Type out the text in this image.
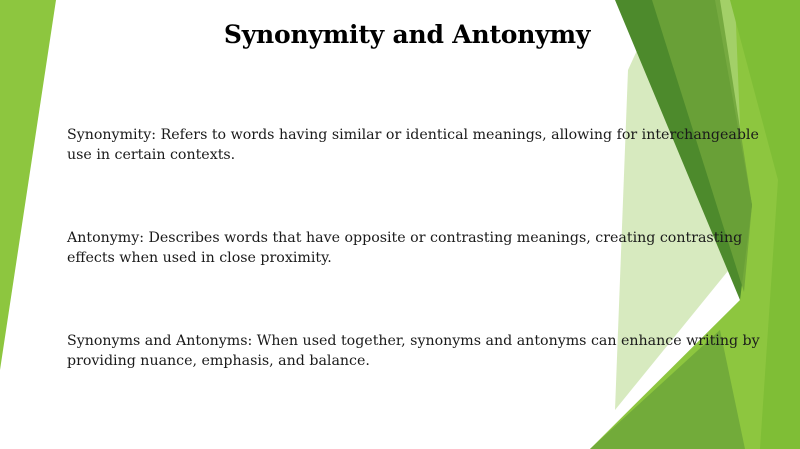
Synonymity and Antonymy

Synonymity: Refers to words having similar or identical meanings, allowing for interchangeable use in certain contexts.

Antonymy: Describes words that have opposite or contrasting meanings, creating contrasting effects when used in close proximity.

Synonyms and Antonyms: When used together, synonyms and antonyms can enhance writing by providing nuance, emphasis, and balance.
